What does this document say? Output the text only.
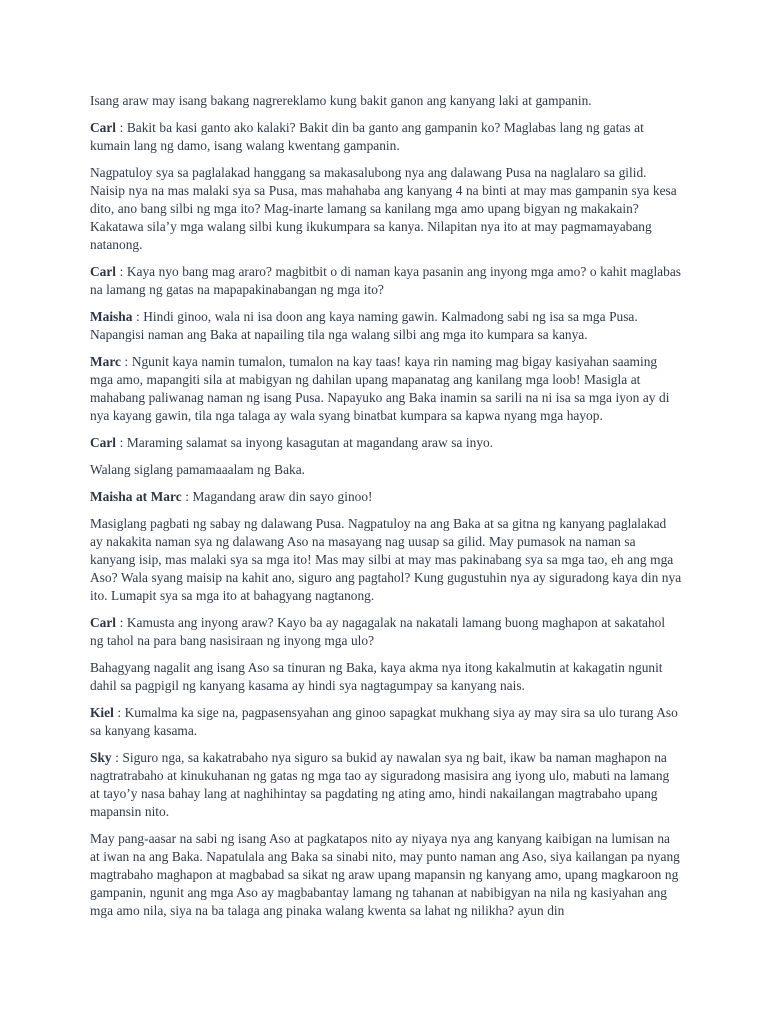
Isang araw may isang bakang nagrereklamo kung bakit ganon ang kanyang laki at gampanin.

Carl : Bakit ba kasi ganto ako kalaki? Bakit din ba ganto ang gampanin ko? Maglabas lang ng gatas at kumain lang ng damo, isang walang kwentang gampanin.

Nagpatuloy sya sa paglalakad hanggang sa makasalubong nya ang dalawang Pusa na naglalaro sa gilid. Naisip nya na mas malaki sya sa Pusa, mas mahahaba ang kanyang 4 na binti at may mas gampanin sya kesa dito, ano bang silbi ng mga ito? Mag-inarte lamang sa kanilang mga amo upang bigyan ng makakain? Kakatawa sila’y mga walang silbi kung ikukumpara sa kanya. Nilapitan nya ito at may pagmamayabang natanong.

Carl : Kaya nyo bang mag araro? magbitbit o di naman kaya pasanin ang inyong mga amo? o kahit maglabas na lamang ng gatas na mapapakinabangan ng mga ito?

Maisha : Hindi ginoo, wala ni isa doon ang kaya naming gawin. Kalmadong sabi ng isa sa mga Pusa. Napangisi naman ang Baka at napailing tila nga walang silbi ang mga ito kumpara sa kanya.

Marc : Ngunit kaya namin tumalon, tumalon na kay taas! kaya rin naming mag bigay kasiyahan saaming mga amo, mapangiti sila at mabigyan ng dahilan upang mapanatag ang kanilang mga loob! Masigla at mahabang paliwanag naman ng isang Pusa. Napayuko ang Baka inamin sa sarili na ni isa sa mga iyon ay di nya kayang gawin, tila nga talaga ay wala syang binatbat kumpara sa kapwa nyang mga hayop.

Carl : Maraming salamat sa inyong kasagutan at magandang araw sa inyo.

Walang siglang pamamaaalam ng Baka.

Maisha at Marc : Magandang araw din sayo ginoo!

Masiglang pagbati ng sabay ng dalawang Pusa. Nagpatuloy na ang Baka at sa gitna ng kanyang paglalakad ay nakakita naman sya ng dalawang Aso na masayang nag uusap sa gilid. May pumasok na naman sa kanyang isip, mas malaki sya sa mga ito! Mas may silbi at may mas pakinabang sya sa mga tao, eh ang mga Aso? Wala syang maisip na kahit ano, siguro ang pagtahol? Kung gugustuhin nya ay siguradong kaya din nya ito. Lumapit sya sa mga ito at bahagyang nagtanong.

Carl : Kamusta ang inyong araw? Kayo ba ay nagagalak na nakatali lamang buong maghapon at sakatahol ng tahol na para bang nasisiraan ng inyong mga ulo?

Bahagyang nagalit ang isang Aso sa tinuran ng Baka, kaya akma nya itong kakalmutin at kakagatin ngunit dahil sa pagpigil ng kanyang kasama ay hindi sya nagtagumpay sa kanyang nais.

Kiel : Kumalma ka sige na, pagpasensyahan ang ginoo sapagkat mukhang siya ay may sira sa ulo turang Aso sa kanyang kasama.

Sky : Siguro nga, sa kakatrabaho nya siguro sa bukid ay nawalan sya ng bait, ikaw ba naman maghapon na nagtratrabaho at kinukuhanan ng gatas ng mga tao ay siguradong masisira ang iyong ulo, mabuti na lamang at tayo’y nasa bahay lang at naghihintay sa pagdating ng ating amo, hindi nakailangan magtrabaho upang mapansin nito.

May pang-aasar na sabi ng isang Aso at pagkatapos nito ay niyaya nya ang kanyang kaibigan na lumisan na at iwan na ang Baka. Napatulala ang Baka sa sinabi nito, may punto naman ang Aso, siya kailangan pa nyang magtrabaho maghapon at magbabad sa sikat ng araw upang mapansin ng kanyang amo, upang magkaroon ng gampanin, ngunit ang mga Aso ay magbabantay lamang ng tahanan at nabibigyan na nila ng kasiyahan ang mga amo nila, siya na ba talaga ang pinaka walang kwenta sa lahat ng nilikha? ayun din
